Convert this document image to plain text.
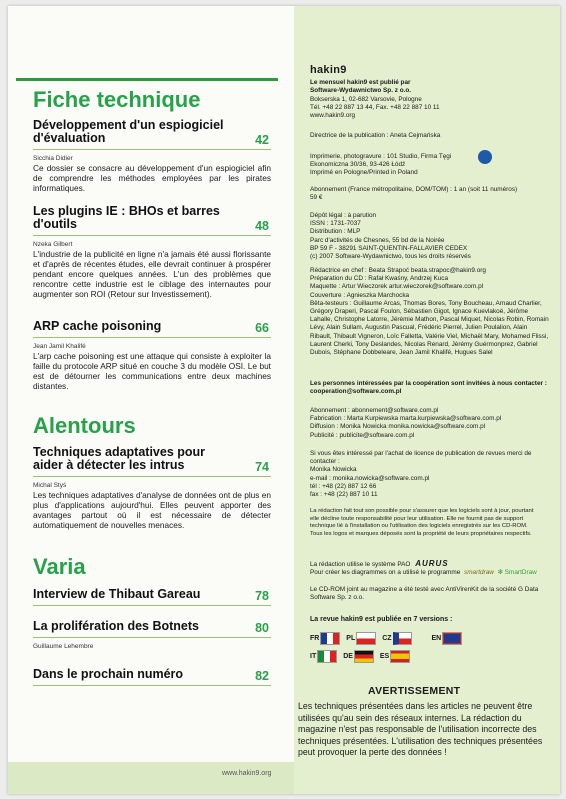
Fiche technique
Développement d'un espiogiciel d'évaluation	42
Sicchia Didier

Ce dossier se consacre au développement d'un espiogiciel afin de comprendre les méthodes employées par les pirates informatiques.

Les plugins IE : BHOs et barres d'outils	48
Nzeka Gilbert

L'industrie de la publicité en ligne n'a jamais été aussi florissante et d'après de récentes études, elle devrait continuer à prospérer pendant encore quelques années. L'un des problèmes que rencontre cette industrie est le ciblage des internautes pour augmenter son ROI (Retour sur Investissement).

ARP cache poisoning	66
Jean Jamil Khalifé

L'arp cache poisoning est une attaque qui consiste à exploiter la faille du protocole ARP situé en couche 3 du modèle OSI. Le but est de détourner les communications entre deux machines distantes.

Alentours
Techniques adaptatives pour aider à détecter les intrus	74
Michal Styś

Les techniques adaptatives d'analyse de données ont de plus en plus d'applications aujourd'hui. Elles peuvent apporter des avantages partout où il est nécessaire de détecter automatiquement de nouvelles menaces.

Varia
Interview de Thibaut Gareau	78
La prolifération des Botnets	80
Guillaume Lehembre
Dans le prochain numéro	82
www.hakin9.org
hakin9
Le mensuel hakin9 est publié par
Software-Wydawnictwo Sp. z o.o.
Bokserska 1, 02-682 Varsovie, Pologne
Tél. +48 22 887 13 44, Fax. +48 22 887 10 11
www.hakin9.org
Directrice de la publication : Aneta Cejmańska
Imprimerie, photogravure : 101 Studio, Firma Tęgi
Ekonomiczna 30/36, 93-426 Łódź
Imprimé en Pologne/Printed in Poland
Abonnement (France métropolitaine, DOM/TOM) : 1 an (soit 11 numéros) 59 €
Dépôt légal : à parution
ISSN : 1731-7037
Distribution : MLP
Parc d'activités de Chesnes, 55 bd de la Noirée
BP 59 F - 38291 SAINT-QUENTIN-FALLAVIER CEDEX
(c) 2007 Software-Wydawnictwo, tous les droits réservés
Rédactrice en chef : Beata Strapoć beata.strapoc@hakin9.org
Préparation du CD : Rafał Kwaśny, Andrzej Kuca
Maquette : Artur Wieczorek artur.wieczorek@software.com.pl
Couverture : Agnieszka Marchocka
Bêta-testeurs : Guillaume Arcas, Thomas Bores, Tony Boucheau, Arnaud Charlier, Grégory Draperi, Pascal Foulon, Sébastien Gigot, Ignace Kuevlakoé, Jérôme Lahalle, Christophe Latorre, Jérémie Mathon, Pascal Miquet, Nicolas Robin, Romain Lévy, Alain Sullam, Augustin Pascual, Frédéric Pierrel, Julien Poulalion, Alain Ribault, Thibault Vigneron, Loïc Falletta, Valérie Viel, Michaël Mary, Mohamed Flissi, Laurent Cherki, Tony Deslandes, Nicolas Renard, Jérémy Guérmonprez, Gabriel Dubois, Stéphane Dobbeleare, Jean Jamil Khalifé, Hugues Salel
Les personnes intéressées par la coopération sont invitées à nous contacter : cooperation@software.com.pl
Abonnement : abonnement@software.com.pl
Fabrication : Marta Kurpiewska marta.kurpiewska@software.com.pl
Diffusion : Monika Nowicka monika.nowicka@software.com.pl
Publicité : publicite@software.com.pl
Si vous êtes intéressé par l'achat de licence de publication de revues merci de contacter :
Monika Nowicka
e-mail : monika.nowicka@software.com.pl
tél : +48 (22) 887 12 66
fax : +48 (22) 887 10 11
La rédaction fait tout son possible pour s'assurer que les logiciels sont à jour, pourtant elle décline toute responsabilité pour leur utilisation. Elle ne fournit pas de support technique lié à l'installation ou l'utilisation des logiciels enregistrés sur les CD-ROM. Tous les logos et marques déposés sont la propriété de leurs propriétaires respectifs.
La rédaction utilise le système PAO AURUS
Pour créer les diagrammes on a utilisé le programme smartdraw ✻ SmartDraw
Le CD-ROM joint au magazine a été testé avec AntiVirenKit de la société G Data Software Sp. z o.o.
La revue hakin9 est publiée en 7 versions :
FR	PL	CZ	EN
IT	DE	ES
AVERTISSEMENT

Les techniques présentées dans les articles ne peuvent être utilisées qu'au sein des réseaux internes. La rédaction du magazine n'est pas responsable de l'utilisation incorrecte des techniques présentées. L'utilisation des techniques présentées peut provoquer la perte des données !
